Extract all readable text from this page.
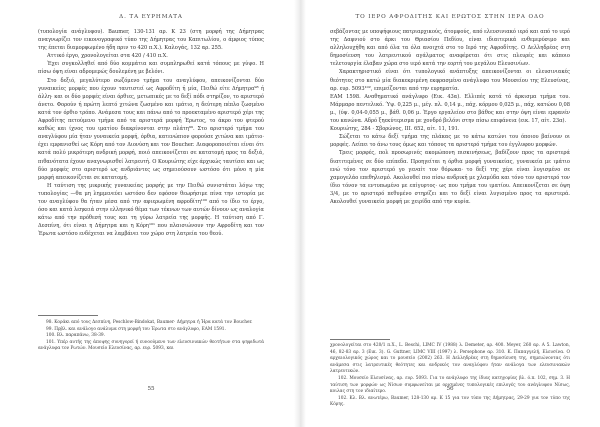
Δ. ΤΑ ΕΥΡΗΜΑΤΑ

(τυπολογία ανάγλυφου). Baumer, 130-131 αρ. Κ 23 (στη μορφή της Δήμητρας αναγνωρίζει τον εικονογραφικό τύπο της Δήμητρας του Καπιτωλίου, ο άμφιος τύπος της έπεται διαμορφωμένο ήδη πριν το 420 π.Χ.). Καλογάς, 132 αρ. 255.

Αττικό έργο, χρονολογείται στα 420 / 410 π.Χ.

Έχει συγκολληθεί από δύο κομμάτια και συμπληρωθεί κατά τόπους με γύψο. Η πίσω όψη είναι αδρομερώς δουλεμένη με βελόνι.

Στο δεξιό, μεγαλύτερο σωζόμενο τμήμα του αναγλύφου, απεικονίζονται δύο γυναικείες μορφές που έχουν ταυτιστεί ως Αφροδίτη ή μία, Πειθώ είτε Δήμητρα⁹⁸ ή άλλη· και οι δύο μορφές είναι όρθιες, μετωπικές με το δεξί πόδι στηρίζον, το αριστερό άνετο. Φορούν ή πρώτη λεπτό χιτώνα ζωσμένο και ιμάτιο, η δεύτερη πέπλο ζωσμένο κατά τον όρθιο τρόπο. Ανάμεσα τους και πάνω από το προεκταμένο αριστερό χέρι της Αφροδίτης πετούμενο τμήμα από τα αριστερά μορφή Έρωτος, το άκρο του φτερού καθώς και ίχνος του ιματίου διακρίνονται στην πλάτη⁹⁹. Στο αριστερό τμήμα του αναγλύφου μία ήταν γυναικεία μορφή, όρθια, κατενώπιον φορούσε χιτώνα και ιμάτιο· έχει εμφανισθεί ως Κόρη από τον Διονύση και τον Boucher. Διαφοροποιείται είναι ότι κατά πολύ μικρότερη ανδρική μορφή, ποιό απεικονίζεται σε κατατομή προς τα δεξιά, πιθανότατα έχουν αναγνωρισθεί λατρευτή. Ο Κουριώτης είχε άρχικώς ταυτίσει και ως δύο μορφές στο αριστερό ως ανδριάντες ως σημειούσουν ωστόσο ότι μόνο η μία μορφή απεικονίζεται σε κατατομή.

Η ταύτιση της μικρικής γυναικείας μορφής με την Πειθώ συνιστάται λόγω της τυπολογίας —θα μη λημμενεύει ωστόσο δεν εφόσον θεωρήσιμε πίνα την ιστορία με τον αναγλύφου θα ήταν μέσα από την αφιερωμένη αφροδίτη¹⁰⁰ από το ίδιο το έργο, όσο και κατά λεηκειά στην ελληνικό θέμα των τέκνων των αυτών δίνουν ως αναλογία κάτω από την πρόθεσή τους και τη γύρω λατρεία της μορφής. Η ταύτιση από Γ. Δεσπίνη, ότι είναι η Δήμητρα και η Κόρη¹⁰¹ που πλαισιώνουν την Αφροδίτη και τον Έρωτα ωστόσο ενδέχεται να λαμβάνει τον χώρο στη λατρεία του θεού.

98. Κοράκι από τους Δεσπίνη, Peschlow-Bindokat, Baumer· Δήμητρα ή Ήρα κατά τον Boucher.

99. Πρβλ. και ανάλογο ανάλυμα στη μορφή του Έρωτα στο ανάγλυφο, ΕΑΜ 1591.

100. Βλ. παραπάνω, 38-39.

101. Υπέρ αυτής της άποψης συνηγορεί ή ευνοούμενο των ελευσινιακών θεοτήτων στα ψηφιδωτά ανάγλυφα τον Ρωτών. Μουσείο Ελευσίνας, αρ. ευρ. 5093, και

55
ΤΟ ΙΕΡΟ ΑΦΡΟΔΙΤΗΣ ΚΑΙ ΕΡΩΤΟΣ ΣΤΗΝ ΙΕΡΑ ΟΔΟ

σεβάζοντας με υποψήφιους πατριαρχικούς, άτομφούς, από ελευσινιακό ιερό και από το ιερό της Δαφνιού στο άρκι του Θριασίου Πεδίου, είναι ιδιαιτερικά ενθεμερύσιμο και αλληλουχήθη και από όλα τα όλα ανοιχτά στο το Ιερό της Αφροδίτης. Ο Δελληδρέας στη δημοσίευση του λατρευτικού αγάλματος αναφέρεται ότι στις πλευρές και κάποιο τελετουργία έλαβαν χώρα στο ιερό κατά την εορτή του μεγάλου Ελευσινίων.

Χαρακτηριστικό είναι ότι τυπολογικό ανάπτυξης απεικονίζονται οι ελευσινιακές θεότητες στο κατώ μία διακεκριμένη εκφρασμένο ανάγλυφο του Μουσείου της Ελευσίνας, αρ. ευρ. 5093¹⁰², επιμείζονται από την ευρηματία.

ΕΑΜ 1598. Αναθηματικό ανάγλυφο (Εικ. 43α). Ελλιπές κατά τό άρκισμα τμήμα του. Μάρμαρο πεντελικό. Ύψ. 0,225 μ., μέγ. πλ. 0,14 μ., πάχ. κόρμου 0,025 μ., πάχ. κατώου 0,08 μ., (ύψ. 0,04-0,055 μ., βάθ. 0,06 μ. Έργο εργαλείου στο βάθος και στην όψη είναι εμφανέν του κανώνα. Αδρό ξηεκύτερισμα με χονδρό βελόνι στην πίσω επιφάνεια (εικ. 17, αίτ. 23α).

Κουριώτης, 284 · Σβορώνος, III. 652, αίτ. 11, 191.

Σώζεται το κάτω δεξί τμήμα της πλάκας με το κάτω κατώνι του όποιου βαίνουν οι μορφές. Λείπει το άνω τους όμως και τόπους τα αριστερό τμήμα του έγγλυφου μορφών.

Τρεις μορφές, πολ προσωρινές ακομώπονη πισκινήσεως, βαδίζουν προς τα αριστερά διατιτεμένες σε δύο επίπεδα. Προηγείται η όρθια μορφή γυναικείας, γυναικεία με ιμάτιο ενώ τόνο τον αριστερό γο γεναίτ τον θόρωκα· το δεξί της χέρι είναι λυγισμένο σε χαμογελάο επεθηλισμό. Ακολουθεί πιο πίσω ανδρική με χλαμύδα και τόνο τον αριστερό τον ίδιο τόνον τα εντυπωμένο με επίγυρτος· ως που τμήμα του ιματίου. Απεικονίζεται σε όψη 3/4, με το αριστερό πεθυμένο στηρίζει και το δεξί είναι λυγισμένο προς τα αριστερά. Ακολουθεί γυναικεία μορφή με χειρίδα από την κυρία.

χρονολογείται στο 420/1 π.Χ., L. Beschi, LIMC IV (1988) λ. Demeter, αρ. 400. Meyer, 260 αρ. A 5. Lawton, 46, 82-83 αρ. 3 (Εικ. 3). G. Guttner, LIMC VIII (1997) λ. Persephone αρ. 310. Κ. Παπαγγελή, Ελευσίνα. Ο αρχαιολογικός χώρος και το μουσείο (2002) 263. Η Δελληδρέας στη δημοσίευση της, σημειώνοντας ότι ανάμεσα στις λατρευτικές θεότητες και ανδρικός τον αναγλύφου ήταν ανάλογα των ελευσινιακών λατρευτικών.

102. Μουσείο Ελευσίνας, αρ. ευρ. 5093. Για το ανάγλυφο της ίδιας κατηγορίας βλ. ό.π. 102, σημ. 3. Η ταύτιση των μορφών ως Νίσων συμφωνείται με ορισμένες τυπολογικές επιλογές του ανάγλυφου Νίσως, κοιλας στη τον ιδιαίτερο.

102. Κλ. Βλ. ανωτέρω, Baumer, 128-130 αρ. Κ 15 για τον τύπο της Δήμητρας, 29-29 για τον τύπο της Κόρης.

56
